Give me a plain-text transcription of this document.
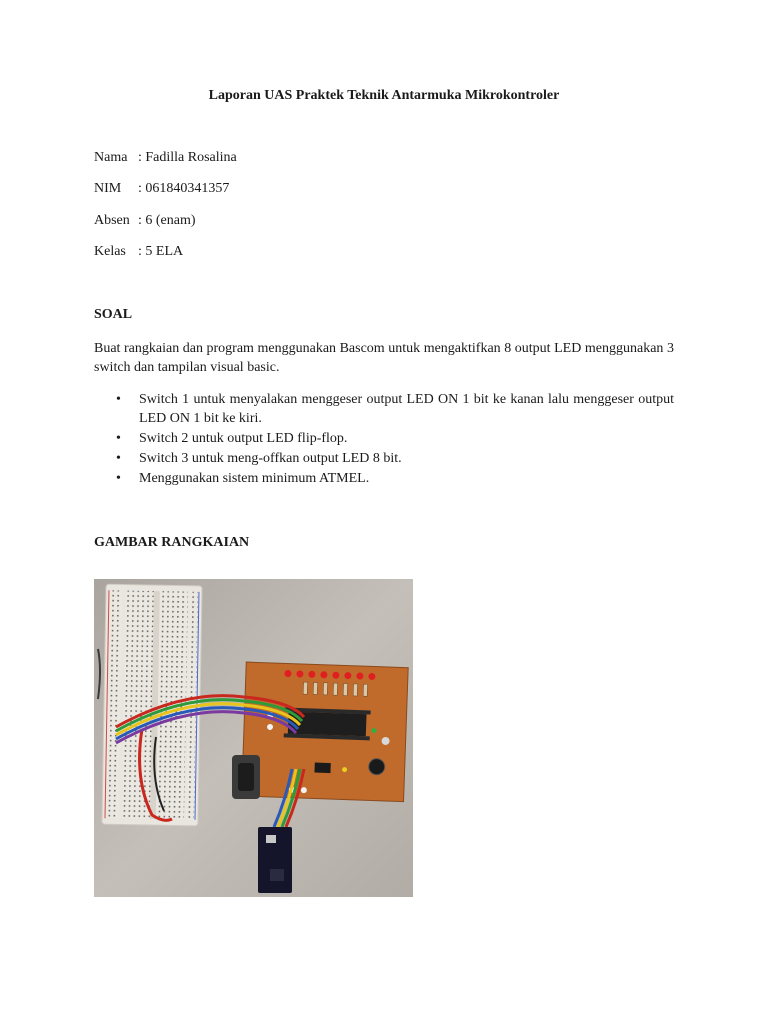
Laporan UAS Praktek Teknik Antarmuka Mikrokontroler
Nama : Fadilla Rosalina
NIM : 061840341357
Absen : 6 (enam)
Kelas : 5 ELA
SOAL
Buat rangkaian dan program menggunakan Bascom untuk mengaktifkan 8 output LED menggunakan 3 switch dan tampilan visual basic.
• Switch 1 untuk menyalakan menggeser output LED ON 1 bit ke kanan lalu menggeser output LED ON 1 bit ke kiri.
• Switch 2 untuk output LED flip-flop.
• Switch 3 untuk meng-offkan output LED 8 bit.
• Menggunakan sistem minimum ATMEL.
GAMBAR RANGKAIAN
